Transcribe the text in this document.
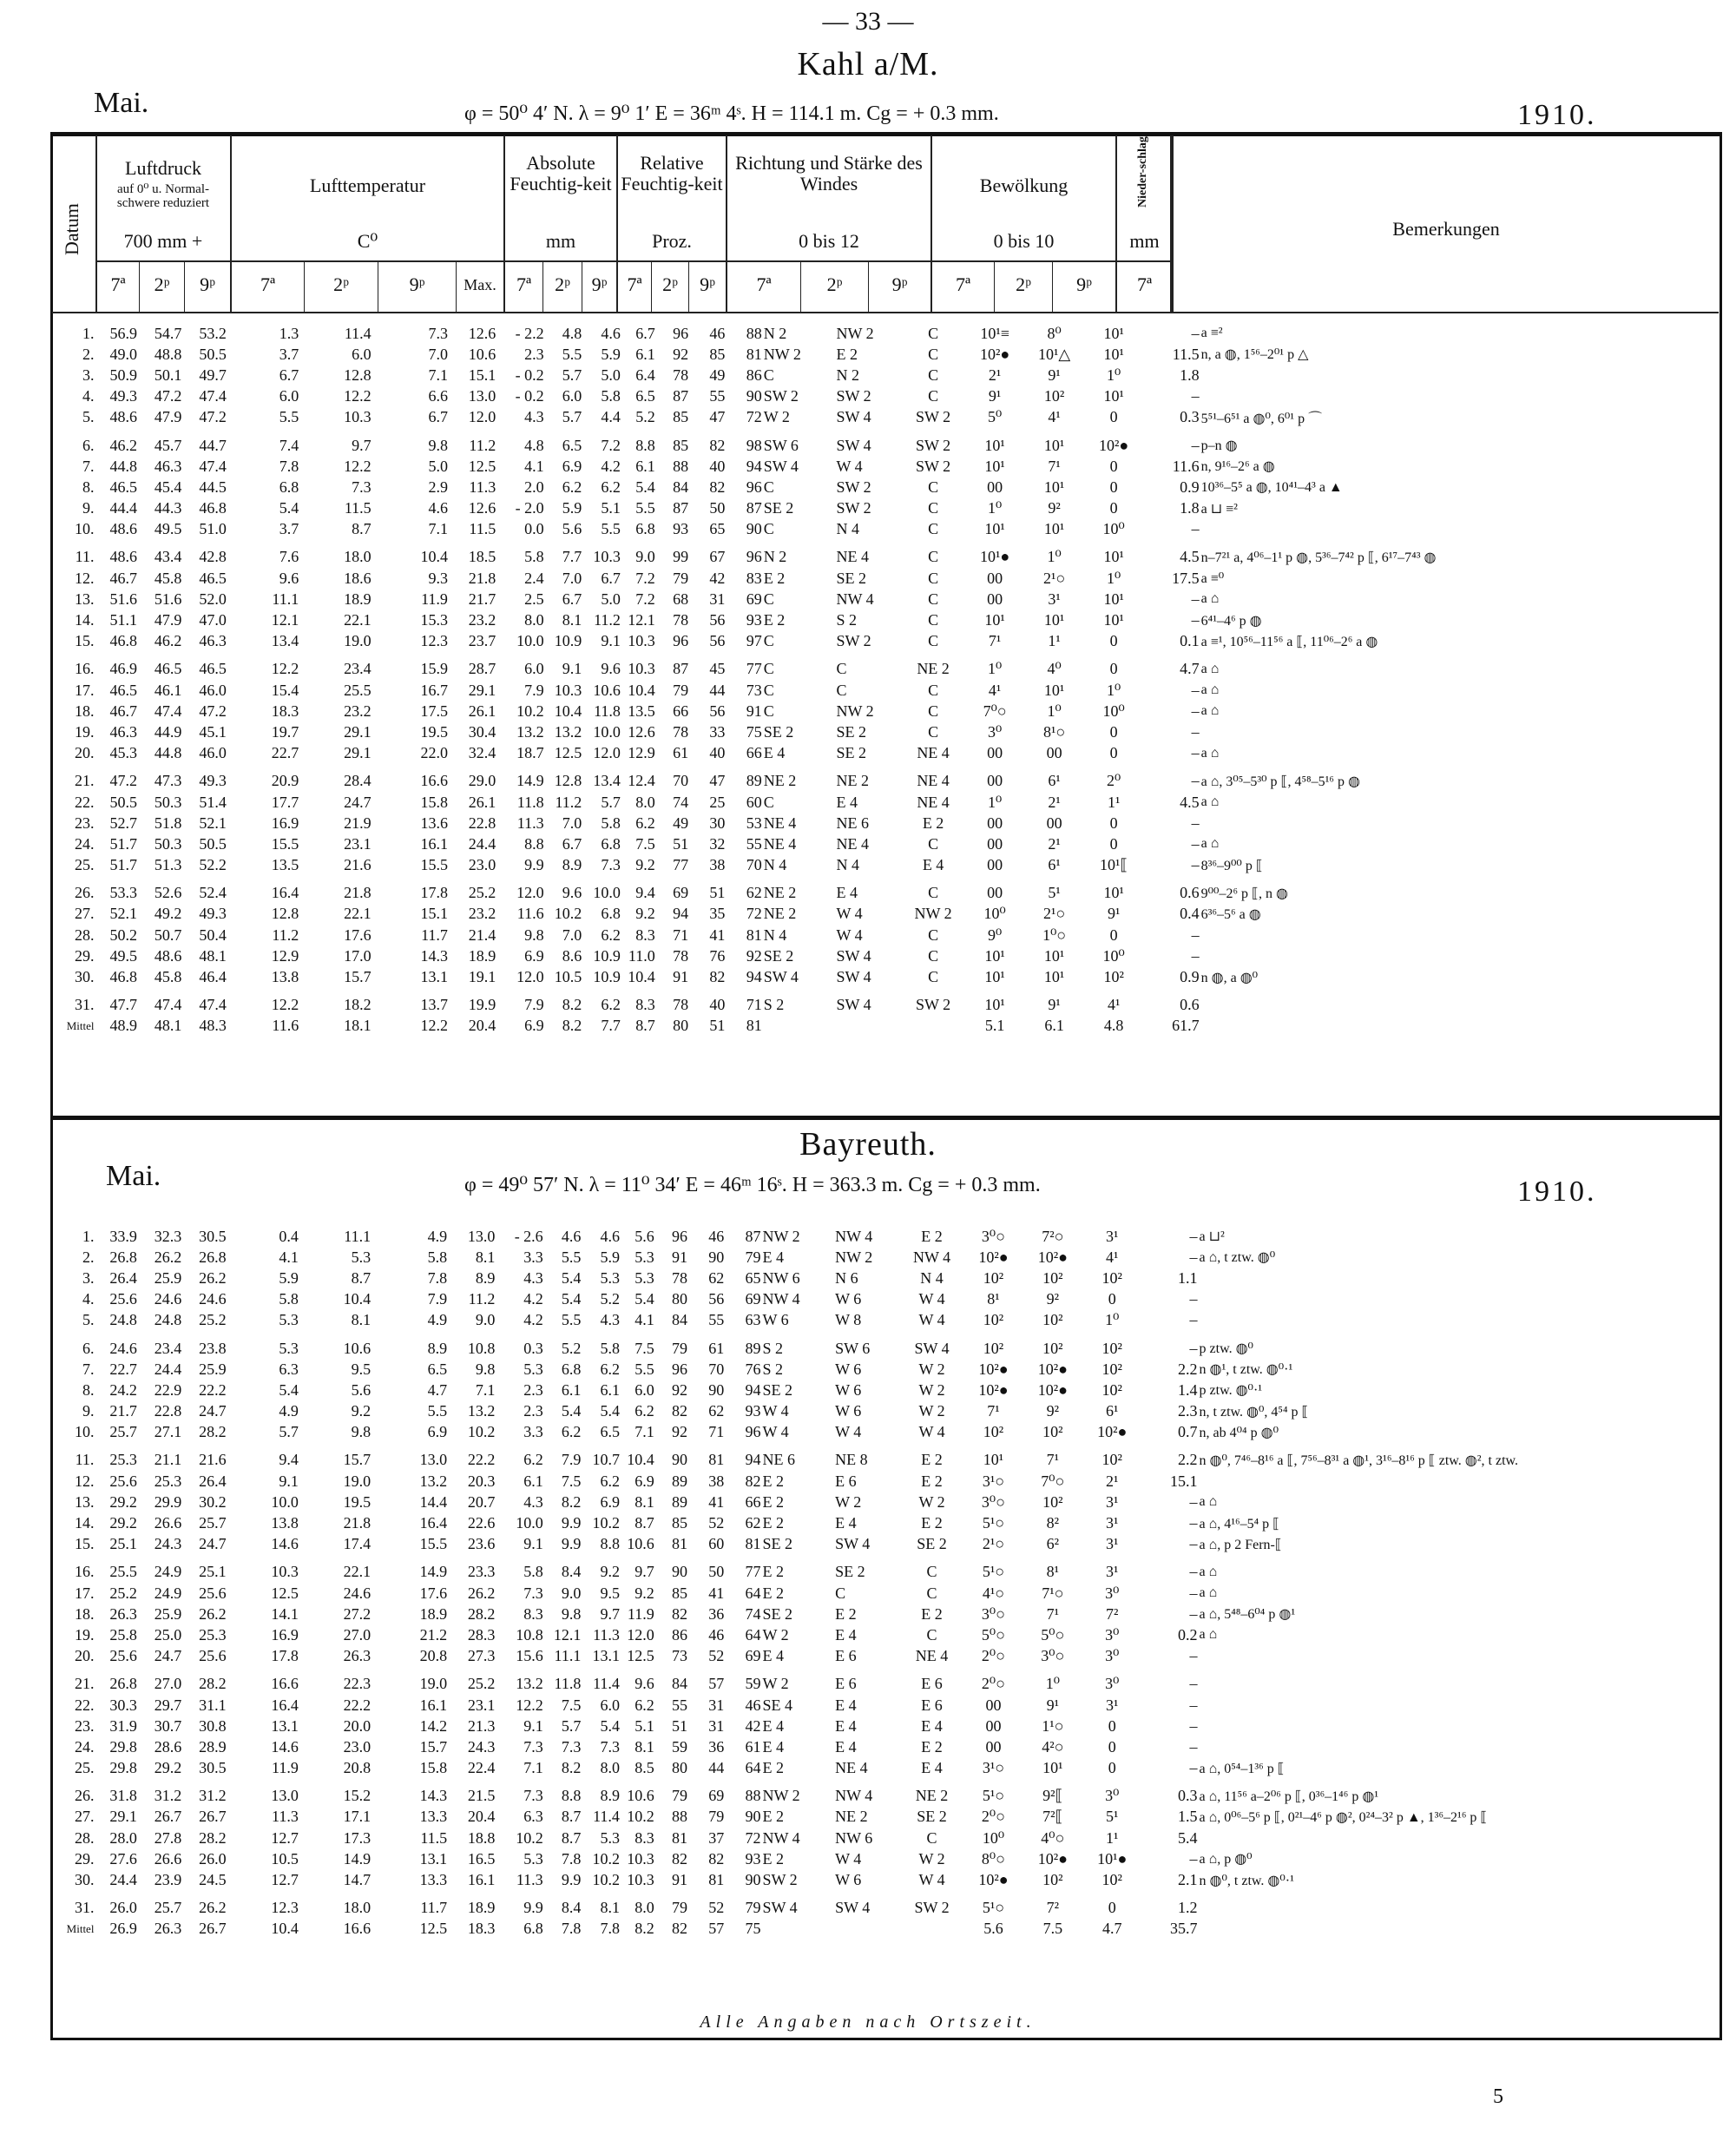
— 33 —
Kahl a/M.
Mai.	φ = 50⁰ 4′ N. λ = 9⁰ 1′ E = 36ᵐ 4ˢ. H = 114.1 m. Cg = + 0.3 mm.	1910.
Datum
Luftdruck
auf 0⁰ u. Normal-schwere reduziert
700 mm +
Lufttemperatur
C⁰
Absolute Feuchtig-keit
mm
Relative Feuchtig-keit
Proz.
Richtung und Stärke des Windes
0 bis 12
Bewölkung
0 bis 10
Nieder-schlag
mm
Bemerkungen
7ª	2ᵖ	9ᵖ	7ª	2ᵖ	9ᵖ	Max.	7ª	2ᵖ	9ᵖ	7ª	2ᵖ	9ᵖ	7ª	2ᵖ	9ᵖ	7ª	2ᵖ	9ᵖ	7ª
1.	56.9	54.7	53.2	1.3	11.4	7.3	12.6	- 2.2	4.8	4.6	6.7	96	46	88	N 2	NW 2	C	10¹≡	8⁰	10¹	–	a ≡²
2.	49.0	48.8	50.5	3.7	6.0	7.0	10.6	2.3	5.5	5.9	6.1	92	85	81	NW 2	E 2	C	10²●	10¹△	10¹	11.5	n, a ◍, 1⁵⁶–2⁰¹ p △
3.	50.9	50.1	49.7	6.7	12.8	7.1	15.1	- 0.2	5.7	5.0	6.4	78	49	86	C	N 2	C	2¹	9¹	1⁰	1.8	
4.	49.3	47.2	47.4	6.0	12.2	6.6	13.0	- 0.2	6.0	5.8	6.5	87	55	90	SW 2	SW 2	C	9¹	10²	10¹	–	
5.	48.6	47.9	47.2	5.5	10.3	6.7	12.0	4.3	5.7	4.4	5.2	85	47	72	W 2	SW 4	SW 2	5⁰	4¹	0	0.3	5⁵¹–6⁵¹ a ◍⁰, 6⁰¹ p ⌒
6.	46.2	45.7	44.7	7.4	9.7	9.8	11.2	4.8	6.5	7.2	8.8	85	82	98	SW 6	SW 4	SW 2	10¹	10¹	10²●	–	p–n ◍
7.	44.8	46.3	47.4	7.8	12.2	5.0	12.5	4.1	6.9	4.2	6.1	88	40	94	SW 4	W 4	SW 2	10¹	7¹	0	11.6	n, 9¹⁶–2⁶ a ◍
8.	46.5	45.4	44.5	6.8	7.3	2.9	11.3	2.0	6.2	6.2	5.4	84	82	96	C	SW 2	C	00	10¹	0	0.9	10³⁶–5⁵ a ◍, 10⁴¹–4³ a ▲
9.	44.4	44.3	46.8	5.4	11.5	4.6	12.6	- 2.0	5.9	5.1	5.5	87	50	87	SE 2	SW 2	C	1⁰	9²	0	1.8	a ⊔ ≡²
10.	48.6	49.5	51.0	3.7	8.7	7.1	11.5	0.0	5.6	5.5	6.8	93	65	90	C	N 4	C	10¹	10¹	10⁰	–	
11.	48.6	43.4	42.8	7.6	18.0	10.4	18.5	5.8	7.7	10.3	9.0	99	67	96	N 2	NE 4	C	10¹●	1⁰	10¹	4.5	n–7²¹ a, 4⁰⁶–1¹ p ◍, 5³⁶–7⁴² p ⟦, 6¹⁷–7⁴³ ◍
12.	46.7	45.8	46.5	9.6	18.6	9.3	21.8	2.4	7.0	6.7	7.2	79	42	83	E 2	SE 2	C	00	2¹○	1⁰	17.5	a ≡⁰
13.	51.6	51.6	52.0	11.1	18.9	11.9	21.7	2.5	6.7	5.0	7.2	68	31	69	C	NW 4	C	00	3¹	10¹	–	a ⌂
14.	51.1	47.9	47.0	12.1	22.1	15.3	23.2	8.0	8.1	11.2	12.1	78	56	93	E 2	S 2	C	10¹	10¹	10¹	–	6⁴¹–4⁶ p ◍
15.	46.8	46.2	46.3	13.4	19.0	12.3	23.7	10.0	10.9	9.1	10.3	96	56	97	C	SW 2	C	7¹	1¹	0	0.1	a ≡¹, 10⁵⁶–11⁵⁶ a ⟦, 11⁰⁶–2⁶ a ◍
16.	46.9	46.5	46.5	12.2	23.4	15.9	28.7	6.0	9.1	9.6	10.3	87	45	77	C	C	NE 2	1⁰	4⁰	0	4.7	a ⌂
17.	46.5	46.1	46.0	15.4	25.5	16.7	29.1	7.9	10.3	10.6	10.4	79	44	73	C	C	C	4¹	10¹	1⁰	–	a ⌂
18.	46.7	47.4	47.2	18.3	23.2	17.5	26.1	10.2	10.4	11.8	13.5	66	56	91	C	NW 2	C	7⁰○	1⁰	10⁰	–	a ⌂
19.	46.3	44.9	45.1	19.7	29.1	19.5	30.4	13.2	13.2	10.0	12.6	78	33	75	SE 2	SE 2	C	3⁰	8¹○	0	–	
20.	45.3	44.8	46.0	22.7	29.1	22.0	32.4	18.7	12.5	12.0	12.9	61	40	66	E 4	SE 2	NE 4	00	00	0	–	a ⌂
21.	47.2	47.3	49.3	20.9	28.4	16.6	29.0	14.9	12.8	13.4	12.4	70	47	89	NE 2	NE 2	NE 4	00	6¹	2⁰	–	a ⌂, 3⁰⁵–5³⁰ p ⟦, 4⁵⁸–5¹⁶ p ◍
22.	50.5	50.3	51.4	17.7	24.7	15.8	26.1	11.8	11.2	5.7	8.0	74	25	60	C	E 4	NE 4	1⁰	2¹	1¹	4.5	a ⌂
23.	52.7	51.8	52.1	16.9	21.9	13.6	22.8	11.3	7.0	5.8	6.2	49	30	53	NE 4	NE 6	E 2	00	00	0	–	
24.	51.7	50.3	50.5	15.5	23.1	16.1	24.4	8.8	6.7	6.8	7.5	51	32	55	NE 4	NE 4	C	00	2¹	0	–	a ⌂
25.	51.7	51.3	52.2	13.5	21.6	15.5	23.0	9.9	8.9	7.3	9.2	77	38	70	N 4	N 4	E 4	00	6¹	10¹⟦	–	8³⁶–9⁰⁰ p ⟦
26.	53.3	52.6	52.4	16.4	21.8	17.8	25.2	12.0	9.6	10.0	9.4	69	51	62	NE 2	E 4	C	00	5¹	10¹	0.6	9⁰⁰–2⁶ p ⟦, n ◍
27.	52.1	49.2	49.3	12.8	22.1	15.1	23.2	11.6	10.2	6.8	9.2	94	35	72	NE 2	W 4	NW 2	10⁰	2¹○	9¹	0.4	6³⁶–5⁶ a ◍
28.	50.2	50.7	50.4	11.2	17.6	11.7	21.4	9.8	7.0	6.2	8.3	71	41	81	N 4	W 4	C	9⁰	1⁰○	0	–	
29.	49.5	48.6	48.1	12.9	17.0	14.3	18.9	6.9	8.6	10.9	11.0	78	76	92	SE 2	SW 4	C	10¹	10¹	10⁰	–	
30.	46.8	45.8	46.4	13.8	15.7	13.1	19.1	12.0	10.5	10.9	10.4	91	82	94	SW 4	SW 4	C	10¹	10¹	10²	0.9	n ◍, a ◍⁰
31.	47.7	47.4	47.4	12.2	18.2	13.7	19.9	7.9	8.2	6.2	8.3	78	40	71	S 2	SW 4	SW 2	10¹	9¹	4¹	0.6	
Mittel	48.9	48.1	48.3	11.6	18.1	12.2	20.4	6.9	8.2	7.7	8.7	80	51	81				5.1	6.1	4.8	61.7	
Bayreuth.
Mai.	φ = 49⁰ 57′ N. λ = 11⁰ 34′ E = 46ᵐ 16ˢ. H = 363.3 m. Cg = + 0.3 mm.	1910.
1.	33.9	32.3	30.5	0.4	11.1	4.9	13.0	- 2.6	4.6	4.6	5.6	96	46	87	NW 2	NW 4	E 2	3⁰○	7²○	3¹	–	a ⊔²
2.	26.8	26.2	26.8	4.1	5.3	5.8	8.1	3.3	5.5	5.9	5.3	91	90	79	E 4	NW 2	NW 4	10²●	10²●	4¹	–	a ⌂, t ztw. ◍⁰
3.	26.4	25.9	26.2	5.9	8.7	7.8	8.9	4.3	5.4	5.3	5.3	78	62	65	NW 6	N 6	N 4	10²	10²	10²	1.1	
4.	25.6	24.6	24.6	5.8	10.4	7.9	11.2	4.2	5.4	5.2	5.4	80	56	69	NW 4	W 6	W 4	8¹	9²	0	–	
5.	24.8	24.8	25.2	5.3	8.1	4.9	9.0	4.2	5.5	4.3	4.1	84	55	63	W 6	W 8	W 4	10²	10²	1⁰	–	
6.	24.6	23.4	23.8	5.3	10.6	8.9	10.8	0.3	5.2	5.8	7.5	79	61	89	S 2	SW 6	SW 4	10²	10²	10²	–	p ztw. ◍⁰
7.	22.7	24.4	25.9	6.3	9.5	6.5	9.8	5.3	6.8	6.2	5.5	96	70	76	S 2	W 6	W 2	10²●	10²●	10²	2.2	n ◍¹, t ztw. ◍⁰·¹
8.	24.2	22.9	22.2	5.4	5.6	4.7	7.1	2.3	6.1	6.1	6.0	92	90	94	SE 2	W 6	W 2	10²●	10²●	10²	1.4	p ztw. ◍⁰·¹
9.	21.7	22.8	24.7	4.9	9.2	5.5	13.2	2.3	5.4	5.4	6.2	82	62	93	W 4	W 6	W 2	7¹	9²	6¹	2.3	n, t ztw. ◍⁰, 4⁵⁴ p ⟦
10.	25.7	27.1	28.2	5.7	9.8	6.9	10.2	3.3	6.2	6.5	7.1	92	71	96	W 4	W 4	W 4	10²	10²	10²●	0.7	n, ab 4⁰⁴ p ◍⁰
11.	25.3	21.1	21.6	9.4	15.7	13.0	22.2	6.2	7.9	10.7	10.4	90	81	94	NE 6	NE 8	E 2	10¹	7¹	10²	2.2	n ◍⁰, 7⁴⁶–8¹⁶ a ⟦, 7⁵⁶–8³¹ a ◍¹, 3¹⁶–8¹⁶ p ⟦ ztw. ◍², t ztw.
12.	25.6	25.3	26.4	9.1	19.0	13.2	20.3	6.1	7.5	6.2	6.9	89	38	82	E 2	E 6	E 2	3¹○	7⁰○	2¹	15.1	
13.	29.2	29.9	30.2	10.0	19.5	14.4	20.7	4.3	8.2	6.9	8.1	89	41	66	E 2	W 2	W 2	3⁰○	10²	3¹	–	a ⌂
14.	29.2	26.6	25.7	13.8	21.8	16.4	22.6	10.0	9.9	10.2	8.7	85	52	62	E 2	E 4	E 2	5¹○	8²	3¹	–	a ⌂, 4¹⁶–5⁴ p ⟦
15.	25.1	24.3	24.7	14.6	17.4	15.5	23.6	9.1	9.9	8.8	10.6	81	60	81	SE 2	SW 4	SE 2	2¹○	6²	3¹	–	a ⌂, p 2 Fern-⟦
16.	25.5	24.9	25.1	10.3	22.1	14.9	23.3	5.8	8.4	9.2	9.7	90	50	77	E 2	SE 2	C	5¹○	8¹	3¹	–	a ⌂
17.	25.2	24.9	25.6	12.5	24.6	17.6	26.2	7.3	9.0	9.5	9.2	85	41	64	E 2	C	C	4¹○	7¹○	3⁰	–	a ⌂
18.	26.3	25.9	26.2	14.1	27.2	18.9	28.2	8.3	9.8	9.7	11.9	82	36	74	SE 2	E 2	E 2	3⁰○	7¹	7²	–	a ⌂, 5⁴⁸–6⁰⁴ p ◍¹
19.	25.8	25.0	25.3	16.9	27.0	21.2	28.3	10.8	12.1	11.3	12.0	86	46	64	W 2	E 4	C	5⁰○	5⁰○	3⁰	0.2	a ⌂
20.	25.6	24.7	25.6	17.8	26.3	20.8	27.3	15.6	11.1	13.1	12.5	73	52	69	E 4	E 6	NE 4	2⁰○	3⁰○	3⁰	–	
21.	26.8	27.0	28.2	16.6	22.3	19.0	25.2	13.2	11.8	11.4	9.6	84	57	59	W 2	E 6	E 6	2⁰○	1⁰	3⁰	–	
22.	30.3	29.7	31.1	16.4	22.2	16.1	23.1	12.2	7.5	6.0	6.2	55	31	46	SE 4	E 4	E 6	00	9¹	3¹	–	
23.	31.9	30.7	30.8	13.1	20.0	14.2	21.3	9.1	5.7	5.4	5.1	51	31	42	E 4	E 4	E 4	00	1¹○	0	–	
24.	29.8	28.6	28.9	14.6	23.0	15.7	24.3	7.3	7.3	7.3	8.1	59	36	61	E 4	E 4	E 2	00	4²○	0	–	
25.	29.8	29.2	30.5	11.9	20.8	15.8	22.4	7.1	8.2	8.0	8.5	80	44	64	E 2	NE 4	E 4	3¹○	10¹	0	–	a ⌂, 0⁵⁴–1³⁶ p ⟦
26.	31.8	31.2	31.2	13.0	15.2	14.3	21.5	7.3	8.8	8.9	10.6	79	69	88	NW 2	NW 4	NE 2	5¹○	9²⟦	3⁰	0.3	a ⌂, 11⁵⁶ a–2⁰⁶ p ⟦, 0³⁶–1⁴⁶ p ◍¹
27.	29.1	26.7	26.7	11.3	17.1	13.3	20.4	6.3	8.7	11.4	10.2	88	79	90	E 2	NE 2	SE 2	2⁰○	7²⟦	5¹	1.5	a ⌂, 0⁰⁶–5⁶ p ⟦, 0²¹–4⁶ p ◍², 0²⁴–3² p ▲, 1³⁶–2¹⁶ p ⟦
28.	28.0	27.8	28.2	12.7	17.3	11.5	18.8	10.2	8.7	5.3	8.3	81	37	72	NW 4	NW 6	C	10⁰	4⁰○	1¹	5.4	
29.	27.6	26.6	26.0	10.5	14.9	13.1	16.5	5.3	7.8	10.2	10.3	82	82	93	E 2	W 4	W 2	8⁰○	10²●	10¹●	–	a ⌂, p ◍⁰
30.	24.4	23.9	24.5	12.7	14.7	13.3	16.1	11.3	9.9	10.2	10.3	91	81	90	SW 2	W 6	W 4	10²●	10²	10²	2.1	n ◍⁰, t ztw. ◍⁰·¹
31.	26.0	25.7	26.2	12.3	18.0	11.7	18.9	9.9	8.4	8.1	8.0	79	52	79	SW 4	SW 4	SW 2	5¹○	7²	0	1.2	
Mittel	26.9	26.3	26.7	10.4	16.6	12.5	18.3	6.8	7.8	7.8	8.2	82	57	75				5.6	7.5	4.7	35.7	
Alle Angaben nach Ortszeit.
5
